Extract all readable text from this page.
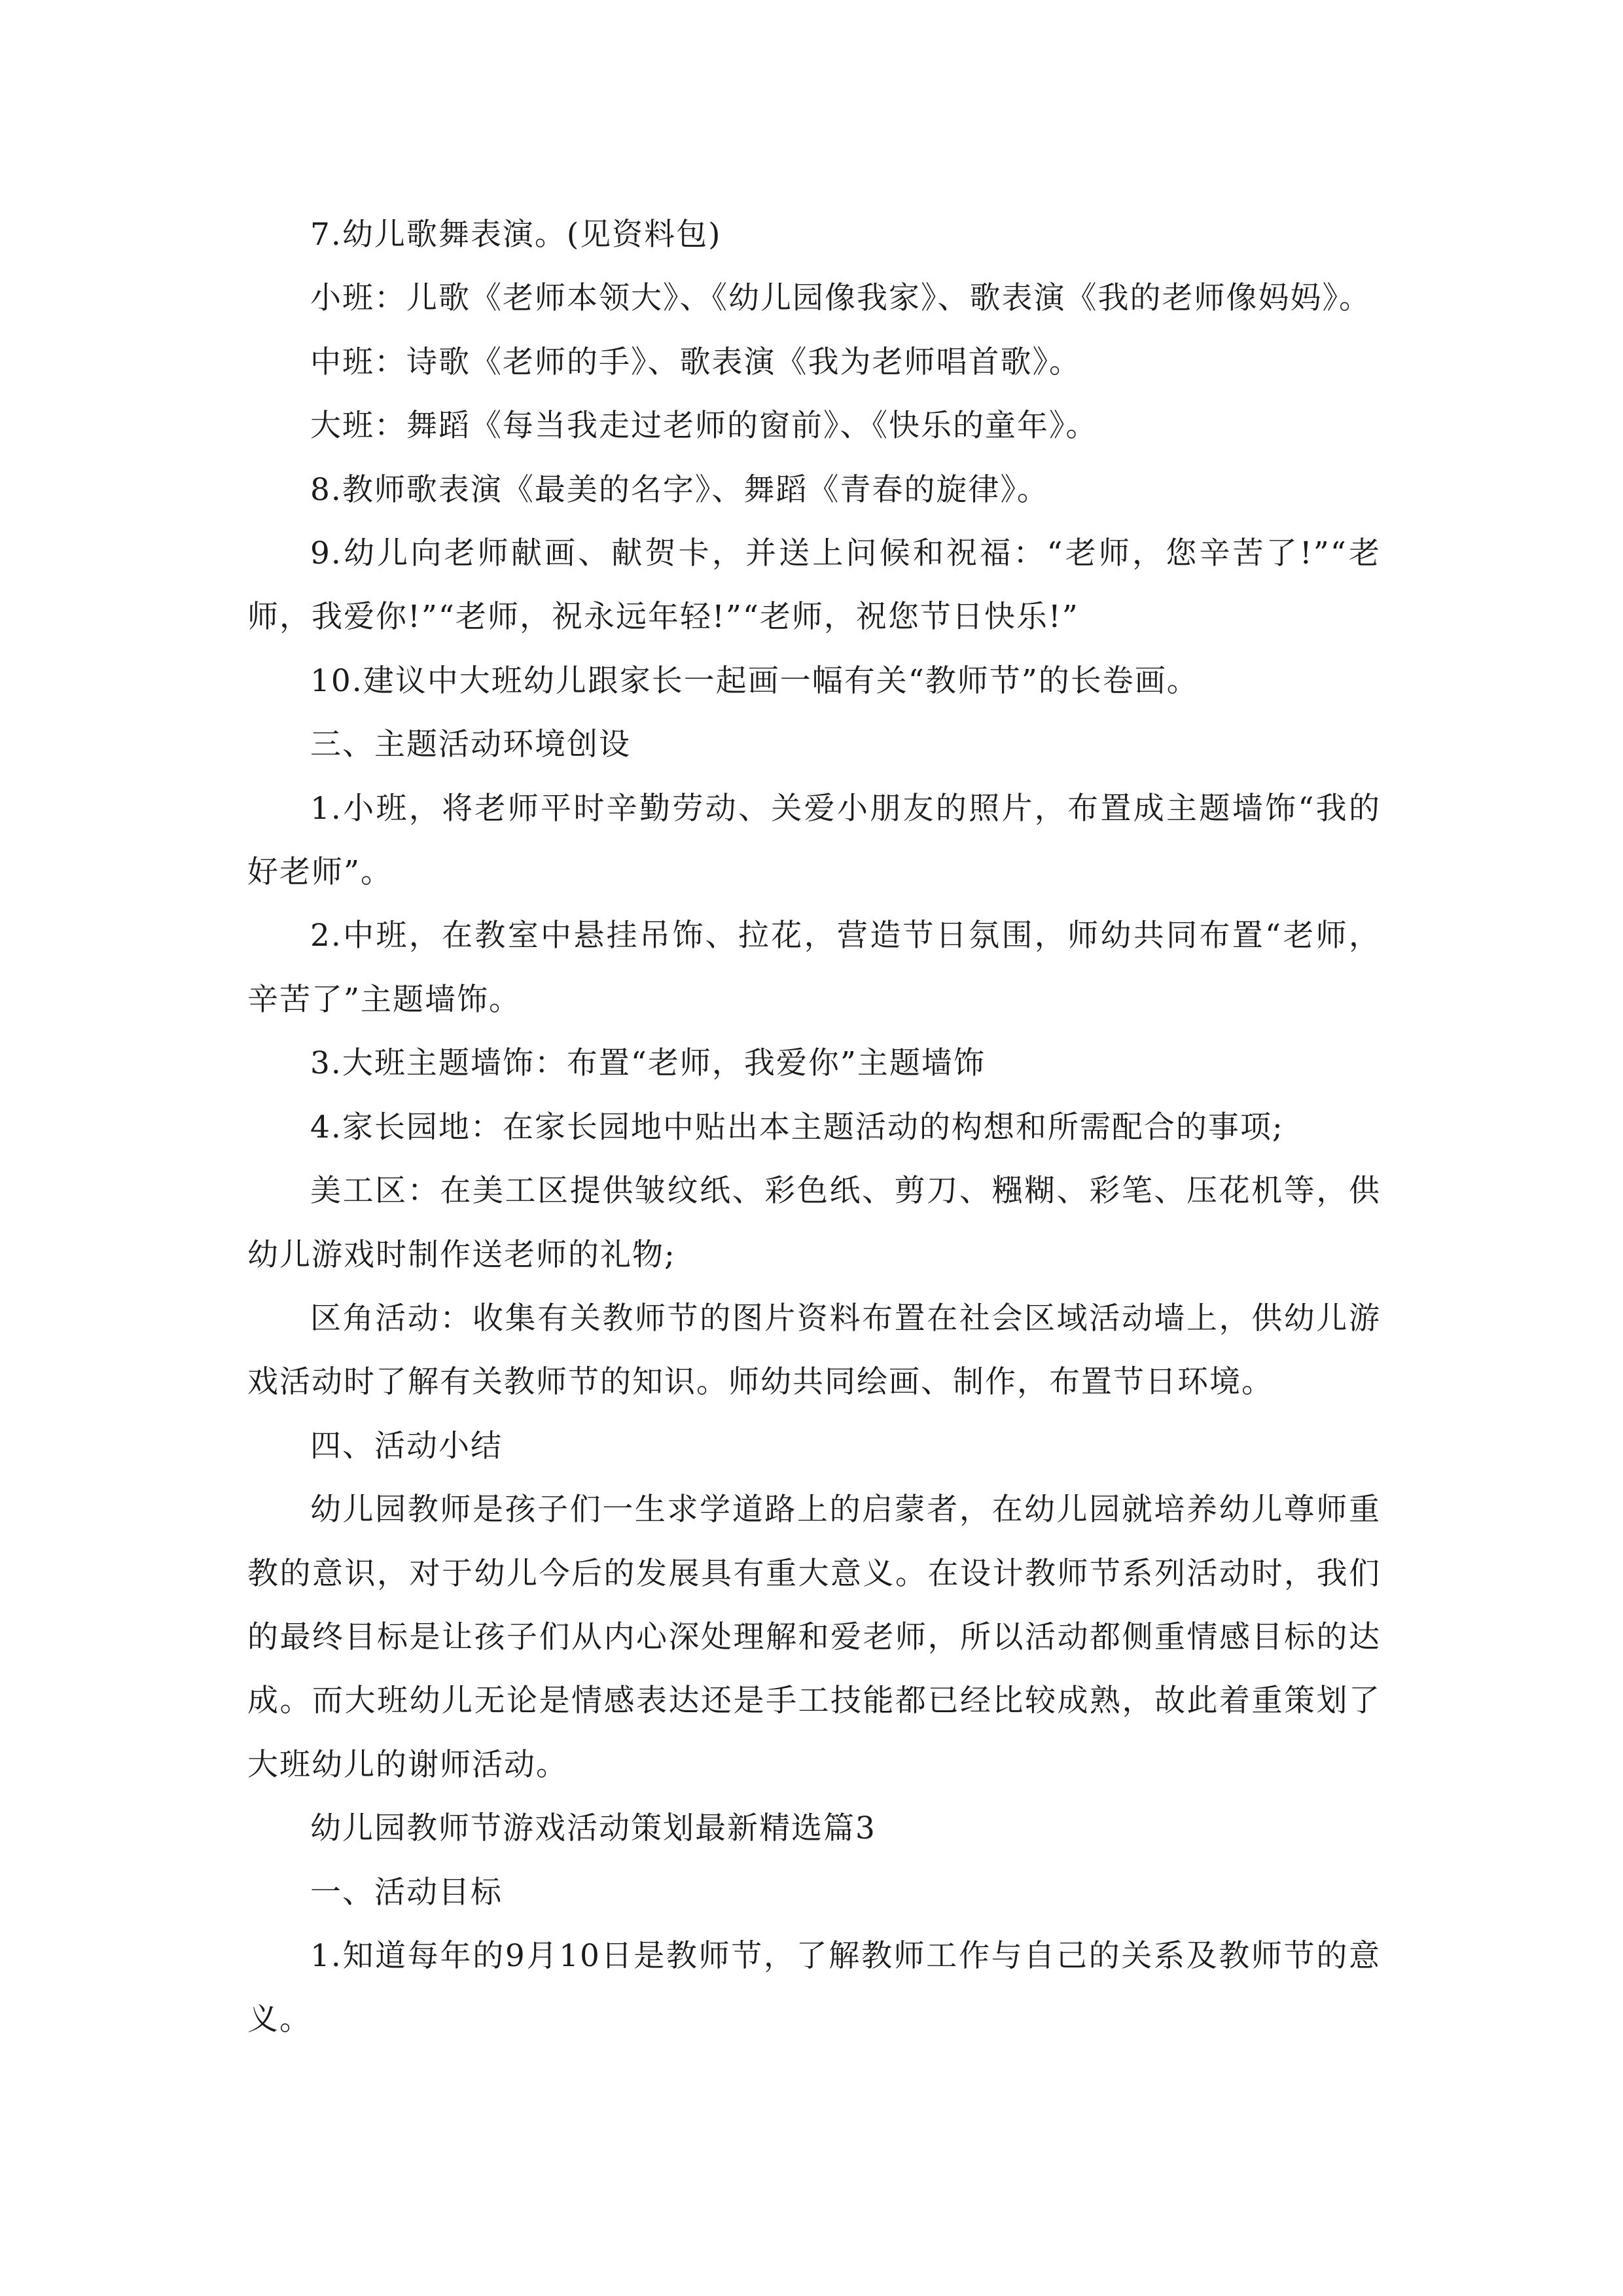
7.幼儿歌舞表演。(见资料包)

小班：儿歌《老师本领大》、《幼儿园像我家》、歌表演《我的老师像妈妈》。

中班：诗歌《老师的手》、歌表演《我为老师唱首歌》。

大班：舞蹈《每当我走过老师的窗前》、《快乐的童年》。

8.教师歌表演《最美的名字》、舞蹈《青春的旋律》。

9.幼儿向老师献画、献贺卡，并送上问候和祝福：“老师，您辛苦了!”“老师，我爱你!”“老师，祝永远年轻!”“老师，祝您节日快乐!”

10.建议中大班幼儿跟家长一起画一幅有关“教师节”的长卷画。

三、主题活动环境创设

1.小班，将老师平时辛勤劳动、关爱小朋友的照片，布置成主题墙饰“我的好老师”。

2.中班，在教室中悬挂吊饰、拉花，营造节日氛围，师幼共同布置“老师，辛苦了”主题墙饰。

3.大班主题墙饰：布置“老师，我爱你”主题墙饰

4.家长园地：在家长园地中贴出本主题活动的构想和所需配合的事项;

美工区：在美工区提供皱纹纸、彩色纸、剪刀、糨糊、彩笔、压花机等，供幼儿游戏时制作送老师的礼物;

区角活动：收集有关教师节的图片资料布置在社会区域活动墙上，供幼儿游戏活动时了解有关教师节的知识。师幼共同绘画、制作，布置节日环境。

四、活动小结

幼儿园教师是孩子们一生求学道路上的启蒙者，在幼儿园就培养幼儿尊师重教的意识，对于幼儿今后的发展具有重大意义。在设计教师节系列活动时，我们的最终目标是让孩子们从内心深处理解和爱老师，所以活动都侧重情感目标的达成。而大班幼儿无论是情感表达还是手工技能都已经比较成熟，故此着重策划了大班幼儿的谢师活动。

幼儿园教师节游戏活动策划最新精选篇3

一、活动目标

1.知道每年的9月10日是教师节，了解教师工作与自己的关系及教师节的意义。
